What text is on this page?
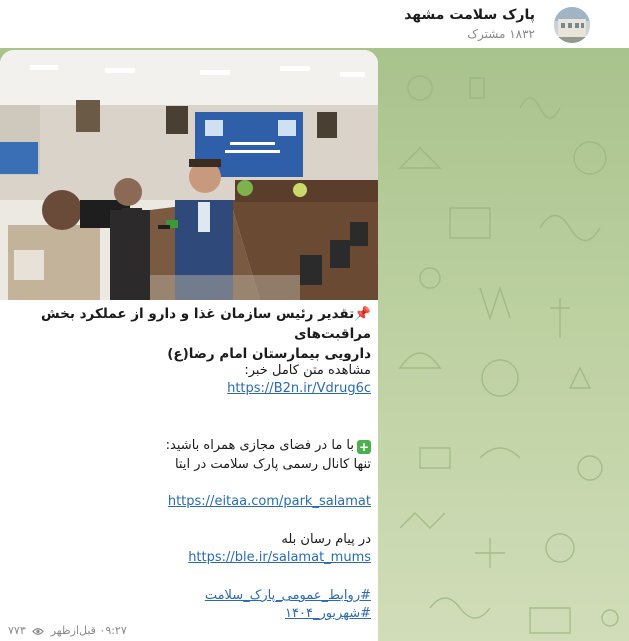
پارک سلامت مشهد
۱۸۳۲ مشترک
📌تقدیر رئیس سازمان غذا و دارو از عملکرد بخش مراقبت‌های
دارویی بیمارستان امام رضا(ع)
مشاهده متن کامل خبر:
https://B2n.ir/Vdrug6c
+با ما در فضای مجازی همراه باشید:
تنها کانال رسمی پارک سلامت در ایتا
https://eitaa.com/park_salamat
در پیام رسان بله
https://ble.ir/salamat_mums
#روابط_عمومی_پارک_سلامت
#شهریور_۱۴۰۴
۰۹:۲۷ قبل‌ازظهر  ۷۷۳
